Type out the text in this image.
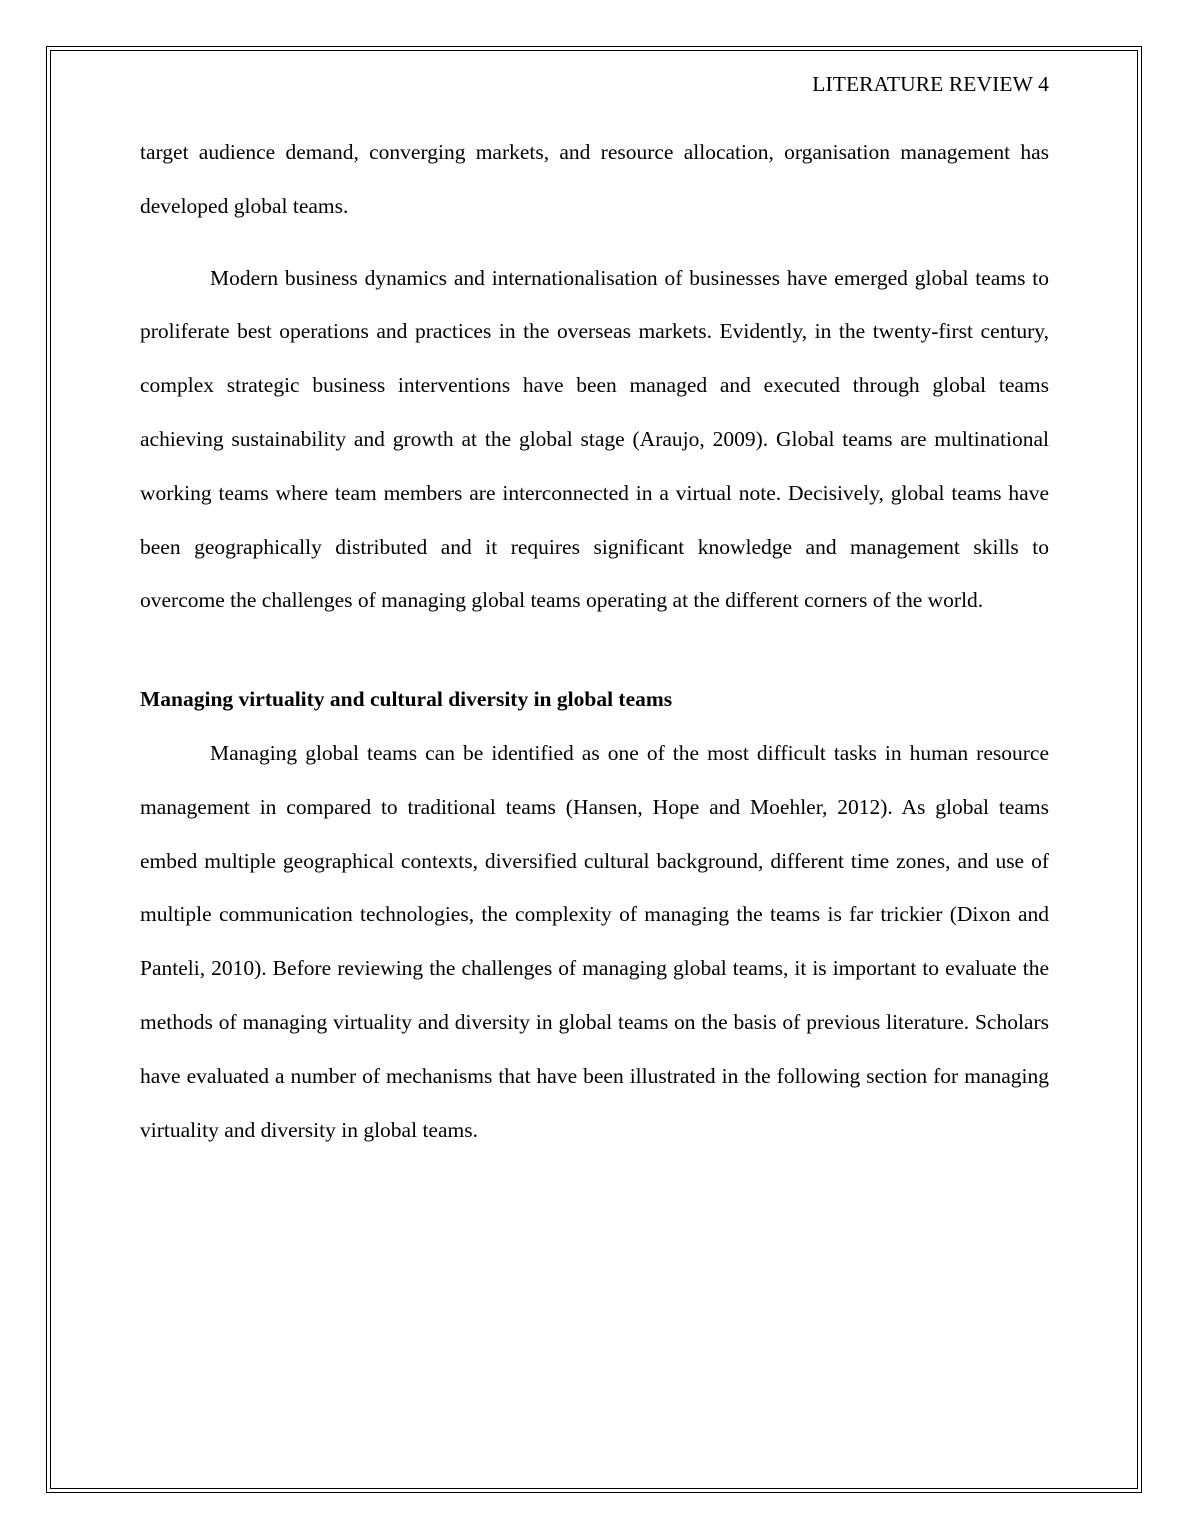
LITERATURE REVIEW 4

target audience demand, converging markets, and resource allocation, organisation management has developed global teams.

Modern business dynamics and internationalisation of businesses have emerged global teams to proliferate best operations and practices in the overseas markets. Evidently, in the twenty-first century, complex strategic business interventions have been managed and executed through global teams achieving sustainability and growth at the global stage (Araujo, 2009). Global teams are multinational working teams where team members are interconnected in a virtual note. Decisively, global teams have been geographically distributed and it requires significant knowledge and management skills to overcome the challenges of managing global teams operating at the different corners of the world.

Managing virtuality and cultural diversity in global teams

Managing global teams can be identified as one of the most difficult tasks in human resource management in compared to traditional teams (Hansen, Hope and Moehler, 2012). As global teams embed multiple geographical contexts, diversified cultural background, different time zones, and use of multiple communication technologies, the complexity of managing the teams is far trickier (Dixon and Panteli, 2010). Before reviewing the challenges of managing global teams, it is important to evaluate the methods of managing virtuality and diversity in global teams on the basis of previous literature. Scholars have evaluated a number of mechanisms that have been illustrated in the following section for managing virtuality and diversity in global teams.
